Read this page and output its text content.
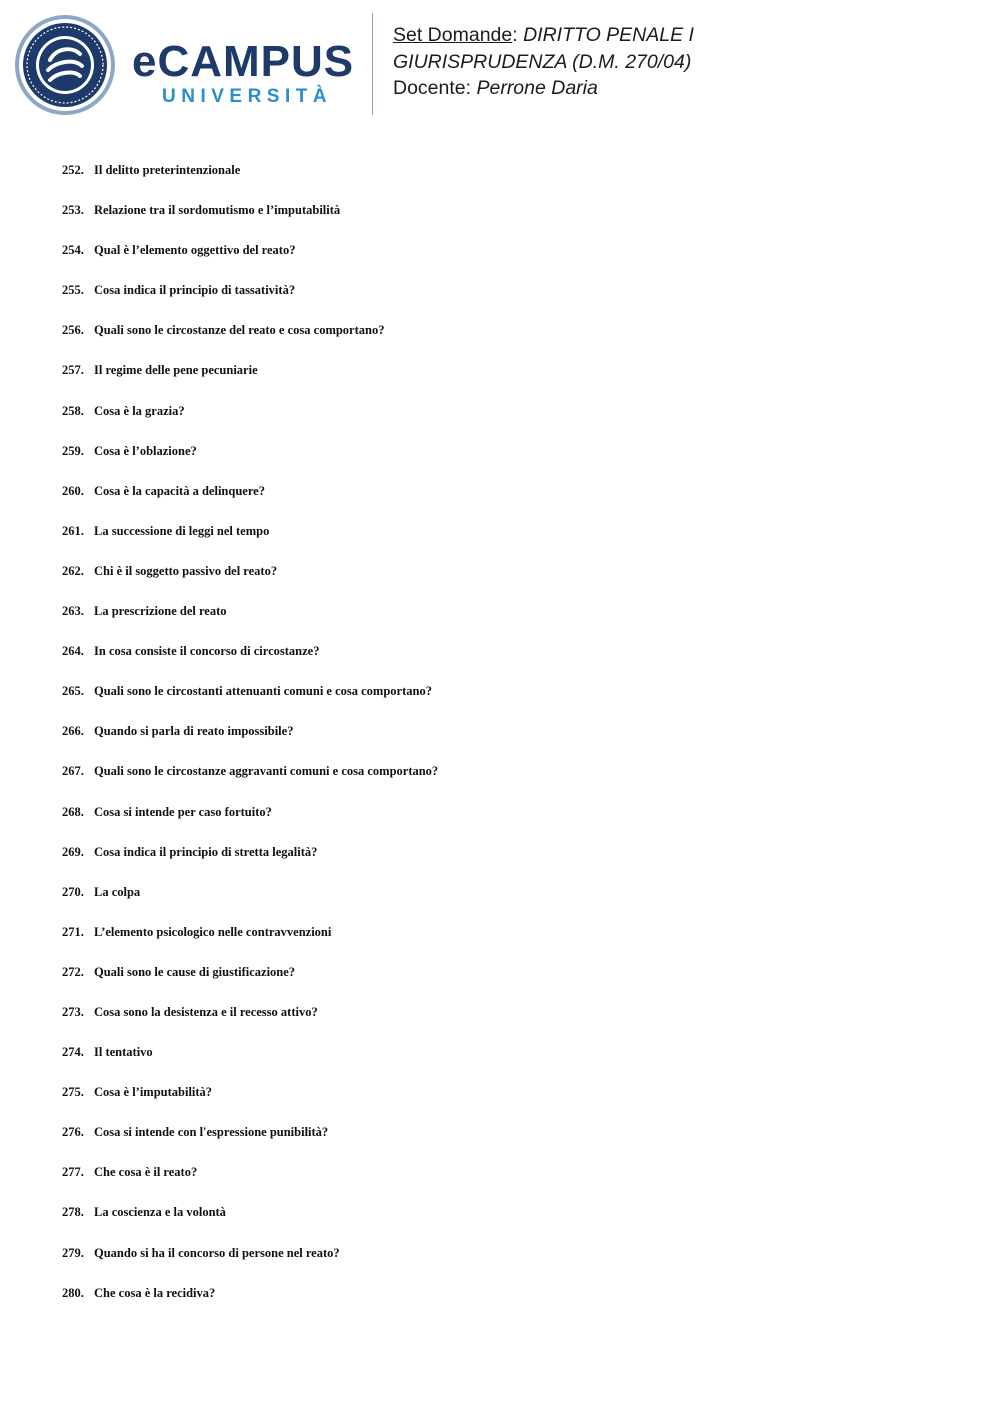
eCAMPUS
UNIVERSITÀ
Set Domande: DIRITTO PENALE I
GIURISPRUDENZA (D.M. 270/04)
Docente: Perrone Daria
252. Il delitto preterintenzionale
253. Relazione tra il sordomutismo e l’imputabilità
254. Qual è l’elemento oggettivo del reato?
255. Cosa indica il principio di tassatività?
256. Quali sono le circostanze del reato e cosa comportano?
257. Il regime delle pene pecuniarie
258. Cosa è la grazia?
259. Cosa è l’oblazione?
260. Cosa è la capacità a delinquere?
261. La successione di leggi nel tempo
262. Chi è il soggetto passivo del reato?
263. La prescrizione del reato
264. In cosa consiste il concorso di circostanze?
265. Quali sono le circostanti attenuanti comuni e cosa comportano?
266. Quando si parla di reato impossibile?
267. Quali sono le circostanze aggravanti comuni e cosa comportano?
268. Cosa si intende per caso fortuito?
269. Cosa indica il principio di stretta legalità?
270. La colpa
271. L’elemento psicologico nelle contravvenzioni
272. Quali sono le cause di giustificazione?
273. Cosa sono la desistenza e il recesso attivo?
274. Il tentativo
275. Cosa è l’imputabilità?
276. Cosa si intende con l'espressione punibilità?
277. Che cosa è il reato?
278. La coscienza e la volontà
279. Quando si ha il concorso di persone nel reato?
280. Che cosa è la recidiva?
